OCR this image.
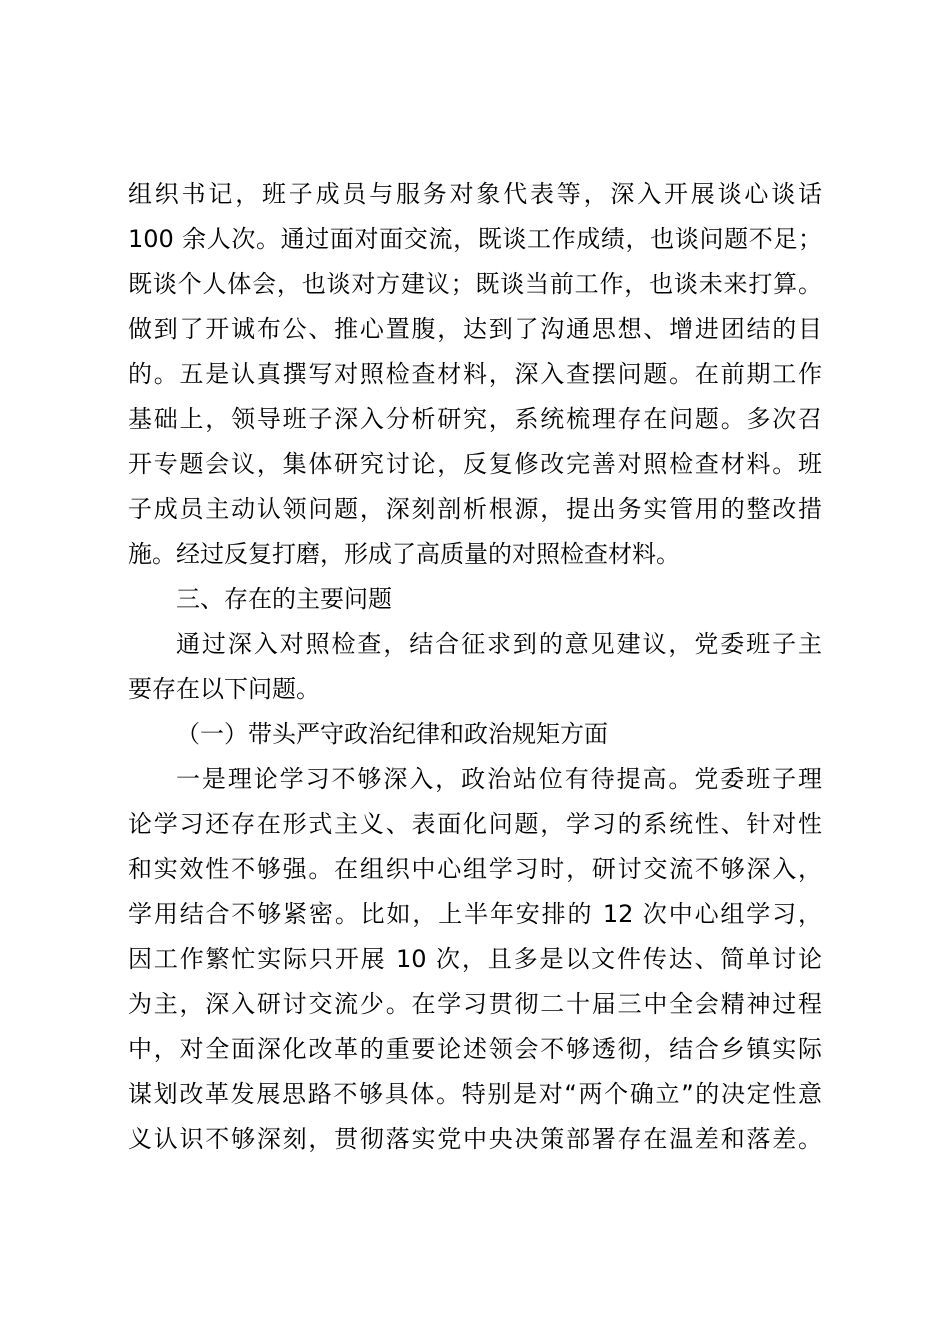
组织书记，班子成员与服务对象代表等，深入开展谈心谈话
100 余人次。通过面对面交流，既谈工作成绩，也谈问题不足；
既谈个人体会，也谈对方建议；既谈当前工作，也谈未来打算。
做到了开诚布公、推心置腹，达到了沟通思想、增进团结的目
的。五是认真撰写对照检查材料，深入查摆问题。在前期工作
基础上，领导班子深入分析研究，系统梳理存在问题。多次召
开专题会议，集体研究讨论，反复修改完善对照检查材料。班
子成员主动认领问题，深刻剖析根源，提出务实管用的整改措
施。经过反复打磨，形成了高质量的对照检查材料。
三、存在的主要问题
通过深入对照检查，结合征求到的意见建议，党委班子主
要存在以下问题。
（一）带头严守政治纪律和政治规矩方面
一是理论学习不够深入，政治站位有待提高。党委班子理
论学习还存在形式主义、表面化问题，学习的系统性、针对性
和实效性不够强。在组织中心组学习时，研讨交流不够深入，
学用结合不够紧密。比如，上半年安排的 12 次中心组学习，
因工作繁忙实际只开展 10 次，且多是以文件传达、简单讨论
为主，深入研讨交流少。在学习贯彻二十届三中全会精神过程
中，对全面深化改革的重要论述领会不够透彻，结合乡镇实际
谋划改革发展思路不够具体。特别是对“两个确立”的决定性意
义认识不够深刻，贯彻落实党中央决策部署存在温差和落差。
